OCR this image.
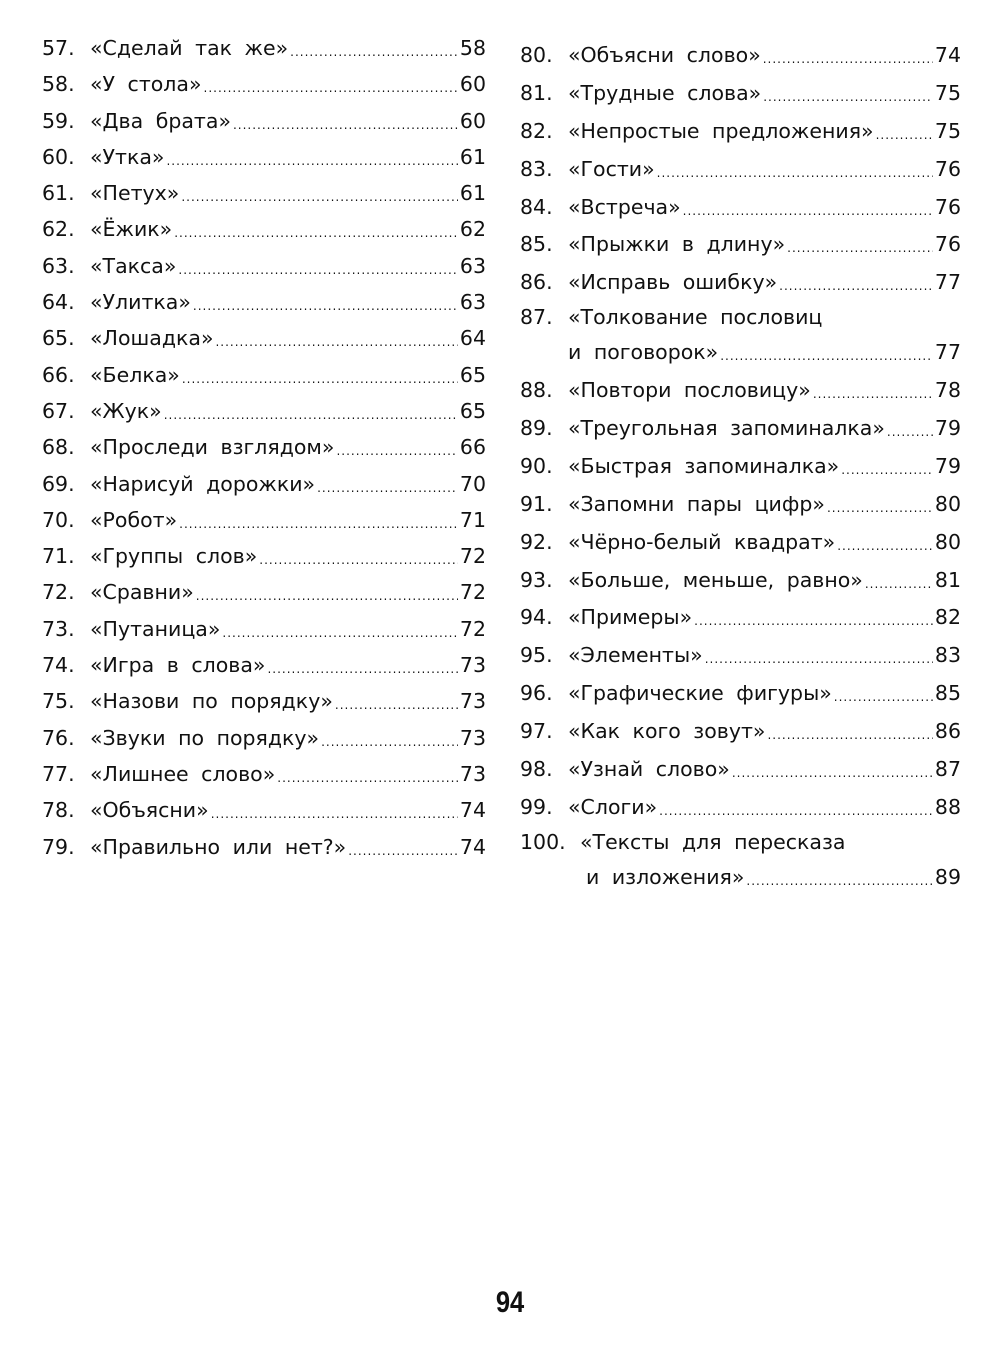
57. «Сделай так же» .....	58
58. «У стола» .....	60
59. «Два брата» .....	60
60. «Утка» .....	61
61. «Петух» .....	61
62. «Ёжик» .....	62
63. «Такса» .....	63
64. «Улитка» .....	63
65. «Лошадка» .....	64
66. «Белка» .....	65
67. «Жук» .....	65
68. «Проследи взглядом» .....	66
69. «Нарисуй дорожки» .....	70
70. «Робот» .....	71
71. «Группы слов» .....	72
72. «Сравни» .....	72
73. «Путаница» .....	72
74. «Игра в слова» .....	73
75. «Назови по порядку» .....	73
76. «Звуки по порядку» .....	73
77. «Лишнее слово» .....	73
78. «Объясни» .....	74
79. «Правильно или нет?» .....	74
80. «Объясни слово» .....	74
81. «Трудные слова» .....	75
82. «Непростые предложения» .....	75
83. «Гости» .....	76
84. «Встреча» .....	76
85. «Прыжки в длину» .....	76
86. «Исправь ошибку» .....	77
87. «Толкование пословиц
и поговорок» .....	77
88. «Повтори пословицу» .....	78
89. «Треугольная запоминалка» ..... 79
90. «Быстрая запоминалка» .....	79
91. «Запомни пары цифр» .....	80
92. «Чёрно-белый квадрат» .....	80
93. «Больше, меньше, равно» .....	81
94. «Примеры» .....	82
95. «Элементы» .....	83
96. «Графические фигуры» .....	85
97. «Как кого зовут» .....	86
98. «Узнай слово» .....	87
99. «Слоги» .....	88
100. «Тексты для пересказа
и изложения» .....	89
94
